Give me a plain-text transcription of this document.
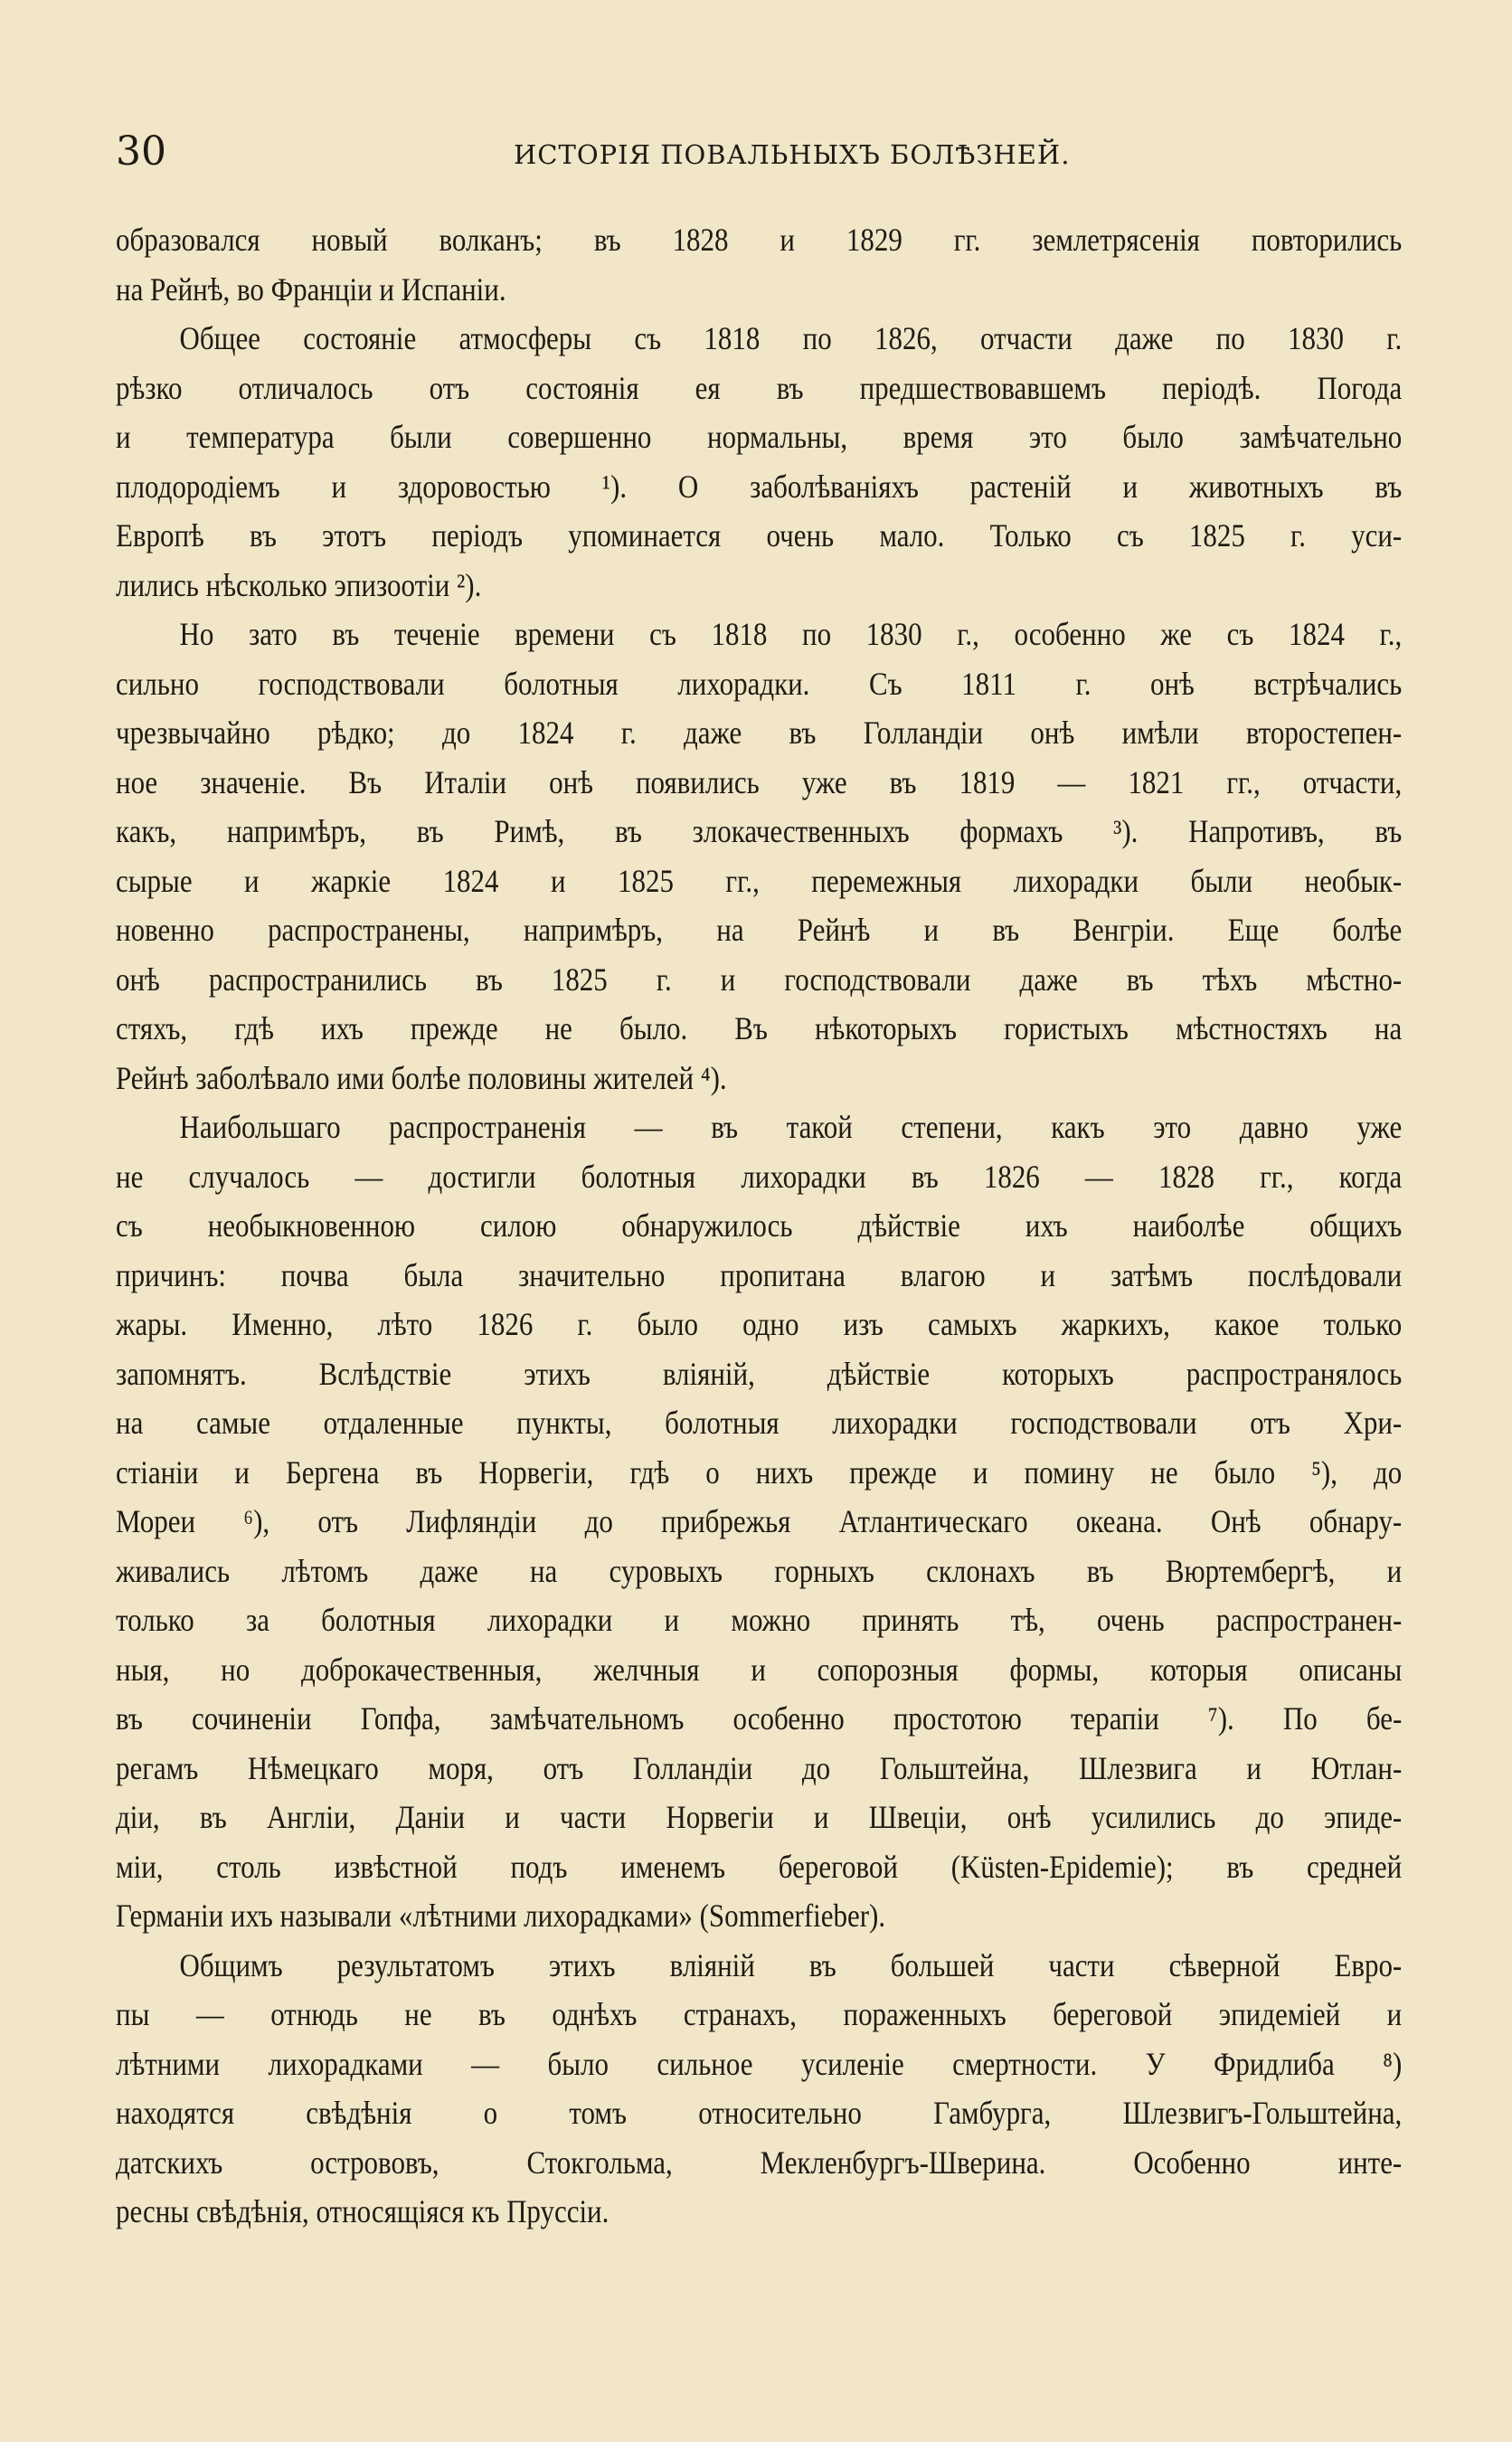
30	ИСТОРІЯ ПОВАЛЬНЫХЪ БОЛѢЗНЕЙ.
образовался новый волканъ; въ 1828 и 1829 гг. землетрясенія повторились
на Рейнѣ, во Франціи и Испаніи.
Общее состояніе атмосферы съ 1818 по 1826, отчасти даже по 1830 г.
рѣзко отличалось отъ состоянія ея въ предшествовавшемъ періодѣ. Погода
и температура были совершенно нормальны, время это было замѣчательно
плодородіемъ и здоровостью ¹). О заболѣваніяхъ растеній и животныхъ въ
Европѣ въ этотъ періодъ упоминается очень мало. Только съ 1825 г. уси-
лились нѣсколько эпизоотіи ²).
Но зато въ теченіе времени съ 1818 по 1830 г., особенно же съ 1824 г.,
сильно господствовали болотныя лихорадки. Съ 1811 г. онѣ встрѣчались
чрезвычайно рѣдко; до 1824 г. даже въ Голландіи онѣ имѣли второстепен-
ное значеніе. Въ Италіи онѣ появились уже въ 1819 — 1821 гг., отчасти,
какъ, напримѣръ, въ Римѣ, въ злокачественныхъ формахъ ³). Напротивъ, въ
сырые и жаркіе 1824 и 1825 гг., перемежныя лихорадки были необык-
новенно распространены, напримѣръ, на Рейнѣ и въ Венгріи. Еще болѣе
онѣ распространились въ 1825 г. и господствовали даже въ тѣхъ мѣстно-
стяхъ, гдѣ ихъ прежде не было. Въ нѣкоторыхъ гористыхъ мѣстностяхъ на
Рейнѣ заболѣвало ими болѣе половины жителей ⁴).
Наибольшаго распространенія — въ такой степени, какъ это давно уже
не случалось — достигли болотныя лихорадки въ 1826 — 1828 гг., когда
съ необыкновенною силою обнаружилось дѣйствіе ихъ наиболѣе общихъ
причинъ: почва была значительно пропитана влагою и затѣмъ послѣдовали
жары. Именно, лѣто 1826 г. было одно изъ самыхъ жаркихъ, какое только
запомнятъ. Вслѣдствіе этихъ вліяній, дѣйствіе которыхъ распространялось
на самые отдаленные пункты, болотныя лихорадки господствовали отъ Хри-
стіаніи и Бергена въ Норвегіи, гдѣ о нихъ прежде и помину не было ⁵), до
Мореи ⁶), отъ Лифляндіи до прибрежья Атлантическаго океана. Онѣ обнару-
живались лѣтомъ даже на суровыхъ горныхъ склонахъ въ Вюртембергѣ, и
только за болотныя лихорадки и можно принять тѣ, очень распространен-
ныя, но доброкачественныя, желчныя и сопорозныя формы, которыя описаны
въ сочиненіи Гопфа, замѣчательномъ особенно простотою терапіи ⁷). По бе-
регамъ Нѣмецкаго моря, отъ Голландіи до Гольштейна, Шлезвига и Ютлан-
діи, въ Англіи, Даніи и части Норвегіи и Швеціи, онѣ усилились до эпиде-
міи, столь извѣстной подъ именемъ береговой (Küsten-Epidemie); въ средней
Германіи ихъ называли «лѣтними лихорадками» (Sommerfieber).
Общимъ результатомъ этихъ вліяній въ большей части сѣверной Евро-
пы — отнюдь не въ однѣхъ странахъ, пораженныхъ береговой эпидеміей и
лѣтними лихорадками — было сильное усиленіе смертности. У Фридлиба ⁸)
находятся свѣдѣнія о томъ относительно Гамбурга, Шлезвигъ-Гольштейна,
датскихъ острововъ, Стокгольма, Мекленбургъ-Шверина. Особенно инте-
ресны свѣдѣнія, относящіяся къ Пруссіи.
